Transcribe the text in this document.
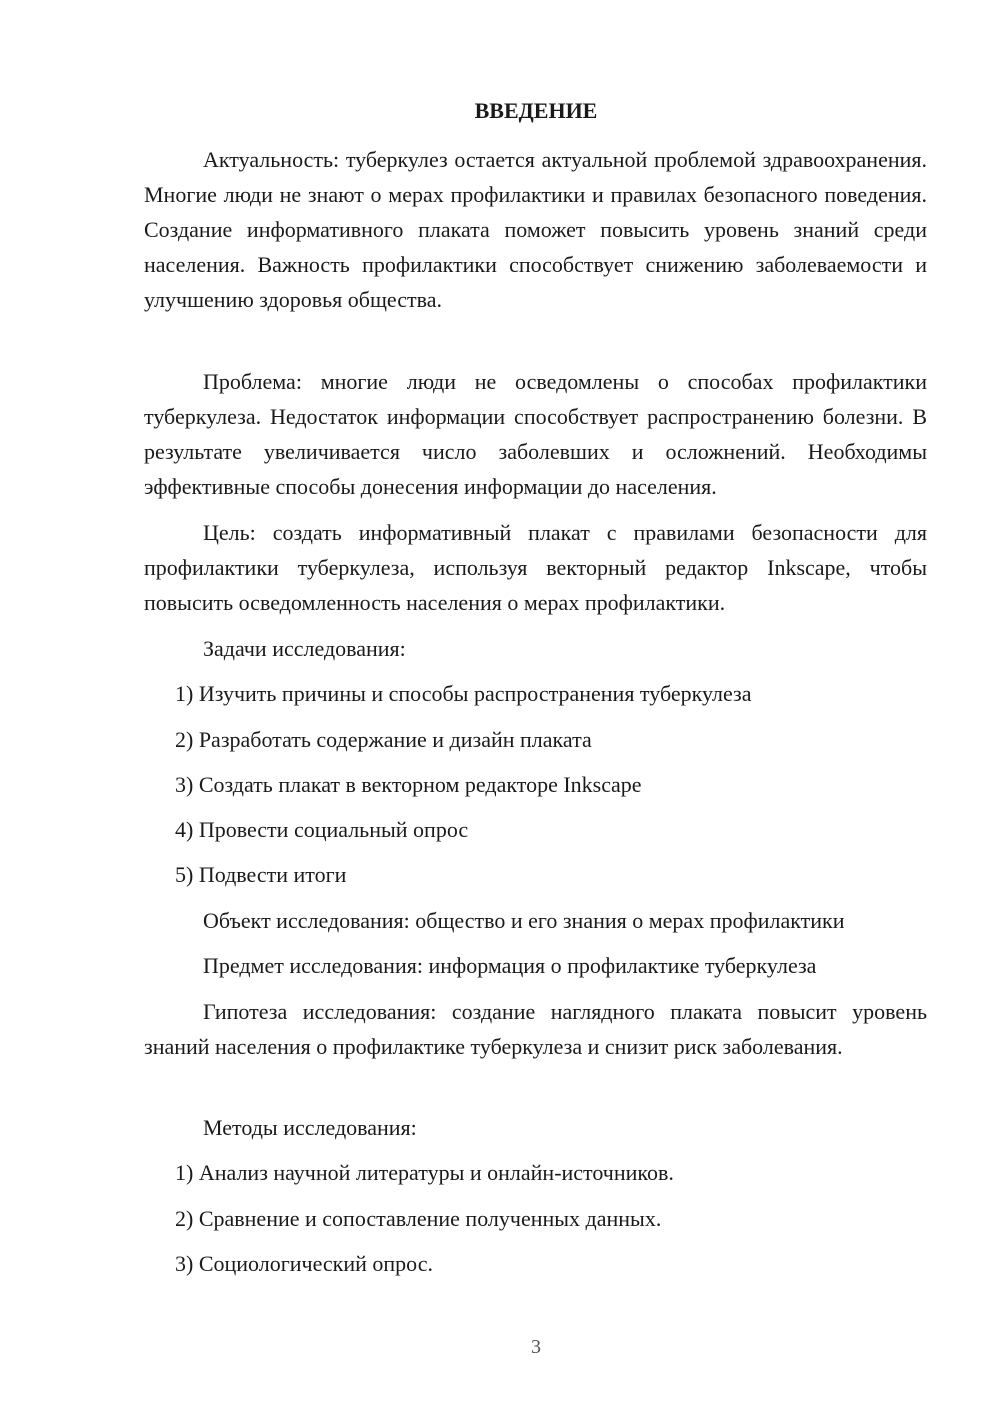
ВВЕДЕНИЕ

Актуальность: туберкулез остается актуальной проблемой здравоохранения. Многие люди не знают о мерах профилактики и правилах безопасного поведения. Создание информативного плаката поможет повысить уровень знаний среди населения. Важность профилактики способствует снижению заболеваемости и улучшению здоровья общества.

Проблема: многие люди не осведомлены о способах профилактики туберкулеза. Недостаток информации способствует распространению болезни. В результате увеличивается число заболевших и осложнений. Необходимы эффективные способы донесения информации до населения.

Цель: создать информативный плакат с правилами безопасности для профилактики туберкулеза, используя векторный редактор Inkscape, чтобы повысить осведомленность населения о мерах профилактики.

Задачи исследования:

1) Изучить причины и способы распространения туберкулеза

2) Разработать содержание и дизайн плаката

3) Создать плакат в векторном редакторе Inkscape

4) Провести социальный опрос

5) Подвести итоги

Объект исследования: общество и его знания о мерах профилактики

Предмет исследования: информация о профилактике туберкулеза

Гипотеза исследования: создание наглядного плаката повысит уровень знаний населения о профилактике туберкулеза и снизит риск заболевания.

Методы исследования:

1) Анализ научной литературы и онлайн-источников.

2) Сравнение и сопоставление полученных данных.

3) Социологический опрос.

3
